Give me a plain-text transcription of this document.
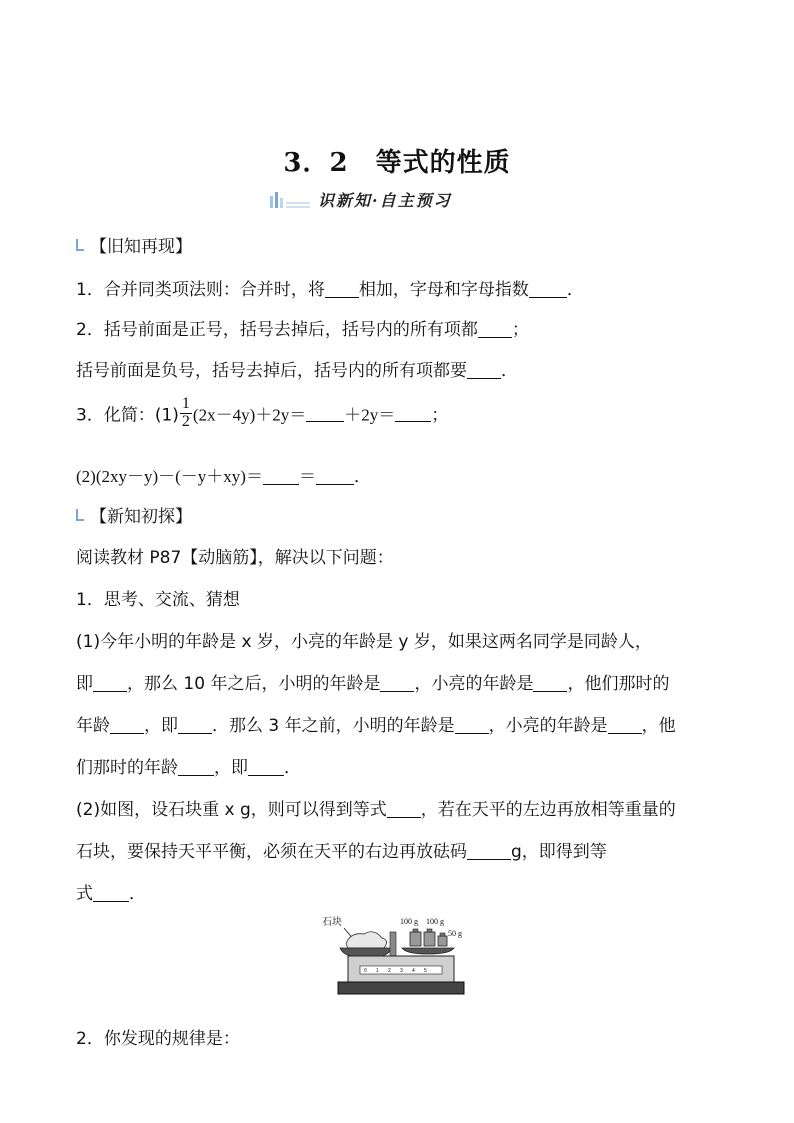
3．2　等式的性质
识新知·自主预习
【旧知再现】
1．合并同类项法则：合并时，将 相加，字母和字母指数 ．
2．括号前面是正号，括号去掉后，括号内的所有项都 ；
括号前面是负号，括号去掉后，括号内的所有项都要 ．
3．化简：$(1) \frac{1}{2} (2x-4y)+2y= +2y=$ ；
(2)(2xy－y)－(－y＋xy)＝ ＝ ．
【新知初探】
阅读教材 P87【动脑筋】，解决以下问题：
1．思考、交流、猜想
(1)今年小明的年龄是 x 岁，小亮的年龄是 y 岁，如果这两名同学是同龄人，
即 ，那么 10 年之后，小明的年龄是 ，小亮的年龄是 ，他们那时的
年龄 ，即 ．那么 3 年之前，小明的年龄是 ，小亮的年龄是 ，他
们那时的年龄 ，即 ．
(2)如图，设石块重 x g，则可以得到等式 ，若在天平的左边再放相等重量的
石块，要保持天平平衡，必须在天平的右边再放砝码	g，即得到等
式 ．
石块	100 g 100 g
50 g
0 1 2 3 4 5
2．你发现的规律是：
